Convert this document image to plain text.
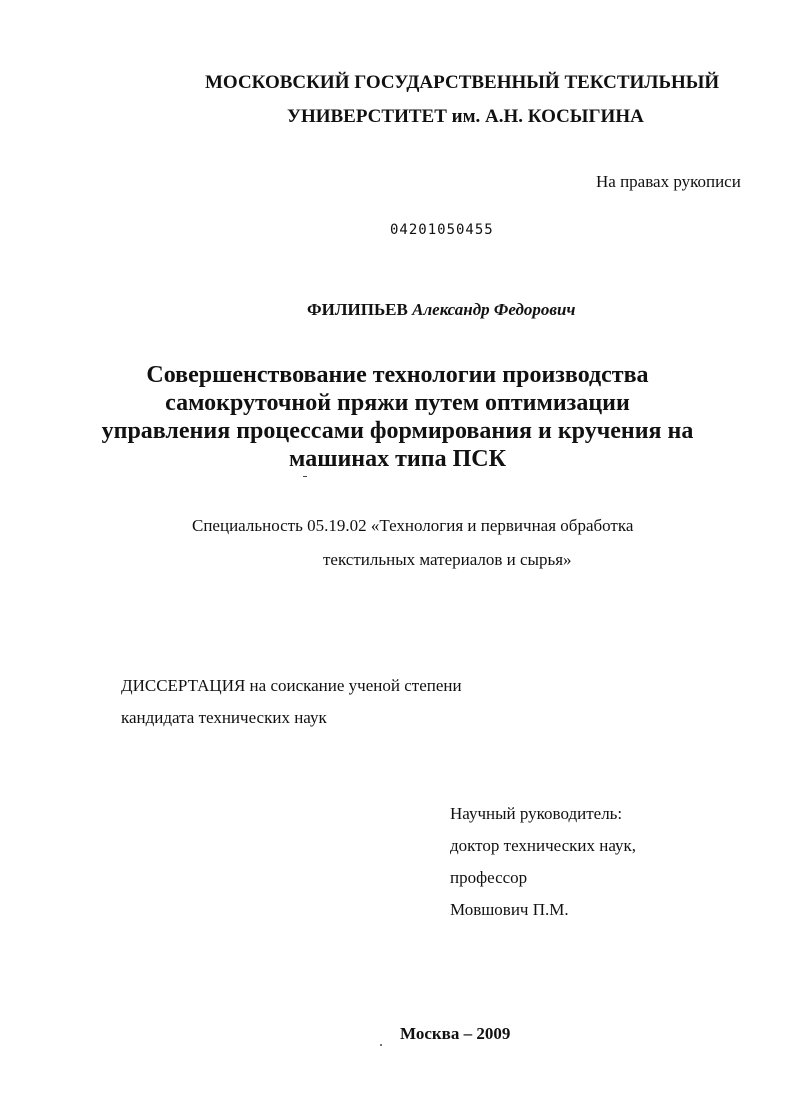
МОСКОВСКИЙ ГОСУДАРСТВЕННЫЙ ТЕКСТИЛЬНЫЙ
УНИВЕРСТИТЕТ им. А.Н. КОСЫГИНА
На правах рукописи
04201050455
ФИЛИПЬЕВ Александр Федорович
Совершенствование технологии производства самокруточной пряжи путем оптимизации управления процессами формирования и кручения на машинах типа ПСК
Специальность 05.19.02 «Технология и первичная обработка
текстильных материалов и сырья»
ДИССЕРТАЦИЯ на соискание ученой степени
кандидата технических наук
Научный руководитель:
доктор технических наук,
профессор
Мовшович П.М.
Москва – 2009
